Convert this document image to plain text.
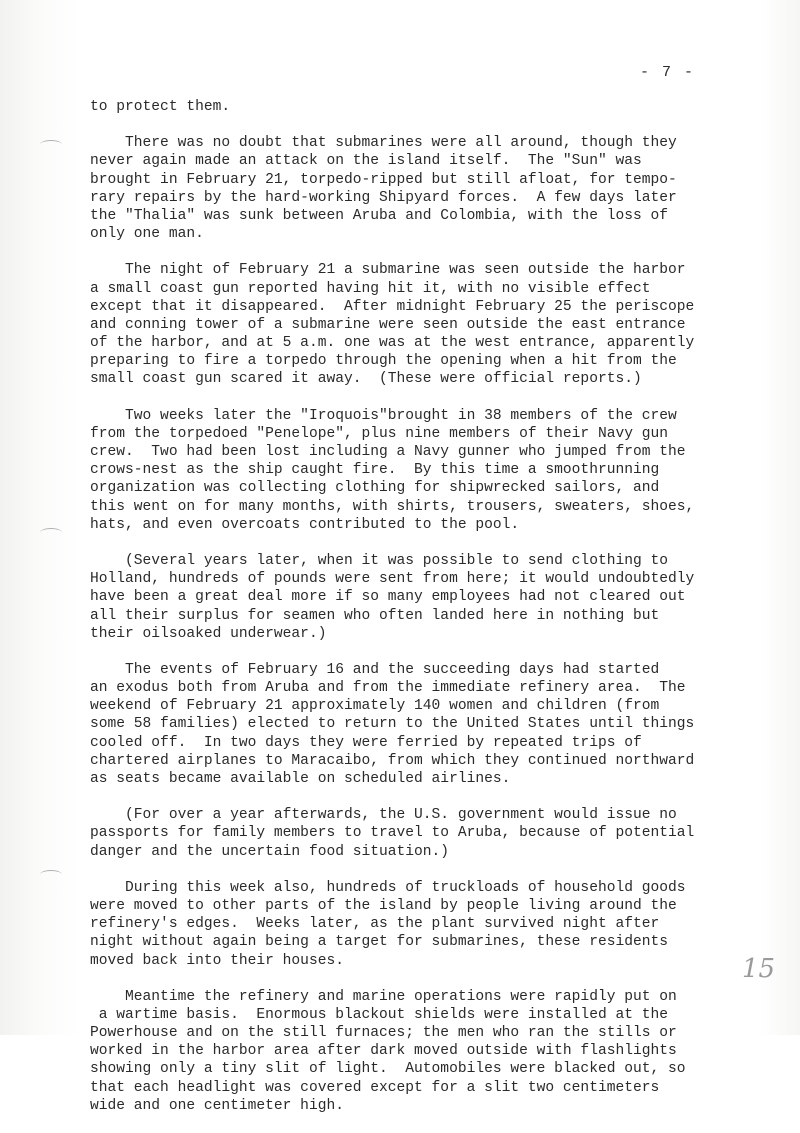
- 7 -
to protect them.
There was no doubt that submarines were all around, though they
never again made an attack on the island itself.  The "Sun" was
brought in February 21, torpedo-ripped but still afloat, for tempo-
rary repairs by the hard-working Shipyard forces.  A few days later
the "Thalia" was sunk between Aruba and Colombia, with the loss of
only one man.
The night of February 21 a submarine was seen outside the harbor
a small coast gun reported having hit it, with no visible effect
except that it disappeared.  After midnight February 25 the periscope
and conning tower of a submarine were seen outside the east entrance
of the harbor, and at 5 a.m. one was at the west entrance, apparently
preparing to fire a torpedo through the opening when a hit from the
small coast gun scared it away.  (These were official reports.)
Two weeks later the "Iroquois"brought in 38 members of the crew
from the torpedoed "Penelope", plus nine members of their Navy gun
crew.  Two had been lost including a Navy gunner who jumped from the
crows-nest as the ship caught fire.  By this time a smoothrunning
organization was collecting clothing for shipwrecked sailors, and
this went on for many months, with shirts, trousers, sweaters, shoes,
hats, and even overcoats contributed to the pool.
(Several years later, when it was possible to send clothing to
Holland, hundreds of pounds were sent from here; it would undoubtedly
have been a great deal more if so many employees had not cleared out
all their surplus for seamen who often landed here in nothing but
their oilsoaked underwear.)
The events of February 16 and the succeeding days had started
an exodus both from Aruba and from the immediate refinery area.  The
weekend of February 21 approximately 140 women and children (from
some 58 families) elected to return to the United States until things
cooled off.  In two days they were ferried by repeated trips of
chartered airplanes to Maracaibo, from which they continued northward
as seats became available on scheduled airlines.
(For over a year afterwards, the U.S. government would issue no
passports for family members to travel to Aruba, because of potential
danger and the uncertain food situation.)
During this week also, hundreds of truckloads of household goods
were moved to other parts of the island by people living around the
refinery's edges.  Weeks later, as the plant survived night after
night without again being a target for submarines, these residents
moved back into their houses.
Meantime the refinery and marine operations were rapidly put on
a wartime basis.  Enormous blackout shields were installed at the
Powerhouse and on the still furnaces; the men who ran the stills or
worked in the harbor area after dark moved outside with flashlights
showing only a tiny slit of light.  Automobiles were blacked out, so
that each headlight was covered except for a slit two centimeters
wide and one centimeter high.
15
